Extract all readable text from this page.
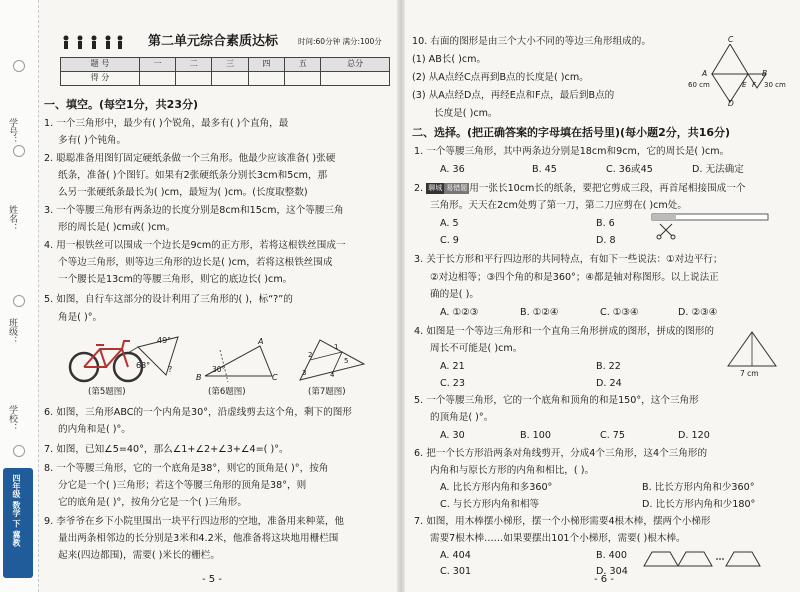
学号：
姓名：
班级：
学校：
四年级 数学 下 冀教
第二单元综合素质达标	时间:60分钟 满分:100分
题 号	一	二	三	四	五	总分
得 分						
一、填空。(每空1分，共23分)
1. 一个三角形中，最少有( )个锐角，最多有( )个直角，最
多有( )个钝角。
2. 聪聪准备用图钉固定硬纸条做一个三角形。他最少应该准备( )张硬
纸条，准备( )个图钉。如果有2张硬纸条分别长3cm和5cm，那
么另一张硬纸条最长为( )cm，最短为( )cm。(长度取整数)
3. 一个等腰三角形有两条边的长度分别是8cm和15cm，这个等腰三角
形的周长是( )cm或( )cm。
4. 用一根铁丝可以围成一个边长是9cm的正方形，若将这根铁丝围成一
个等边三角形，则等边三角形的边长是( )cm，若将这根铁丝围成
一个腰长是13cm的等腰三角形，则它的底边长( )cm。
5. 如图，自行车这部分的设计利用了三角形的( )，标“?”的
角是( )°。
49°
63° ?
(第5题图)
A
B	C
30°
(第6题图)
1
2
3	4
5
(第7题图)
6. 如图，三角形ABC的一个内角是30°，沿虚线剪去这个角，剩下的图形
的内角和是( )°。
7. 如图，已知∠5=40°，那么∠1+∠2+∠3+∠4=( )°。
8. 一个等腰三角形，它的一个底角是38°，则它的顶角是( )°，按角
分它是一个( )三角形；若这个等腰三角形的顶角是38°，则
它的底角是( )°，按角分它是一个( )三角形。
9. 李爷爷在乡下小院里围出一块平行四边形的空地，准备用来种菜，他
量出两条相邻边的长分别是3米和4.2米，他准备将这块地用栅栏围
起来(四边都围)，需要( )米长的栅栏。
- 5 -
10. 右面的图形是由三个大小不同的等边三角形组成的。
(1) AB长( )cm。
(2) 从A点经C点再到B点的长度是( )cm。
(3) 从A点经D点，再经E点和F点，最后到B点的
长度是( )cm。
C
A	B
D
E F
60 cm	30 cm
二、选择。(把正确答案的字母填在括号里)(每小题2分，共16分)
1. 一个等腰三角形，其中两条边分别是18cm和9cm，它的周长是( )cm。
A. 36	B. 45	C. 36或45	D. 无法确定
2. 聊城 易错题 用一张长10cm长的纸条，要把它剪成三段，再首尾相接围成一个
三角形。天天在2cm处剪了第一刀，第二刀应剪在( )cm处。
A. 5	B. 6
C. 9	D. 8
3. 关于长方形和平行四边形的共同特点，有如下一些说法：①对边平行；
②对边相等；③四个角的和是360°；④都是轴对称图形。以上说法正
确的是( )。
A. ①②③	B. ①②④	C. ①③④	D. ②③④
4. 如图是一个等边三角形和一个直角三角形拼成的图形，拼成的图形的
周长不可能是( )cm。
A. 21	B. 22
C. 23	D. 24
7 cm
5. 一个等腰三角形，它的一个底角和顶角的和是150°，这个三角形
的顶角是( )°。
A. 30	B. 100	C. 75	D. 120
6. 把一个长方形沿两条对角线剪开，分成4个三角形，这4个三角形的
内角和与原长方形的内角和相比，( )。
A. 比长方形内角和多360°	B. 比长方形内角和少360°
C. 与长方形内角和相等	D. 比长方形内角和少180°
7. 如图，用木棒摆小梯形，摆一个小梯形需要4根木棒，摆两个小梯形
需要7根木棒……如果要摆出101个小梯形，需要( )根木棒。
A. 404	B. 400
C. 301	D. 304
- 6 -
